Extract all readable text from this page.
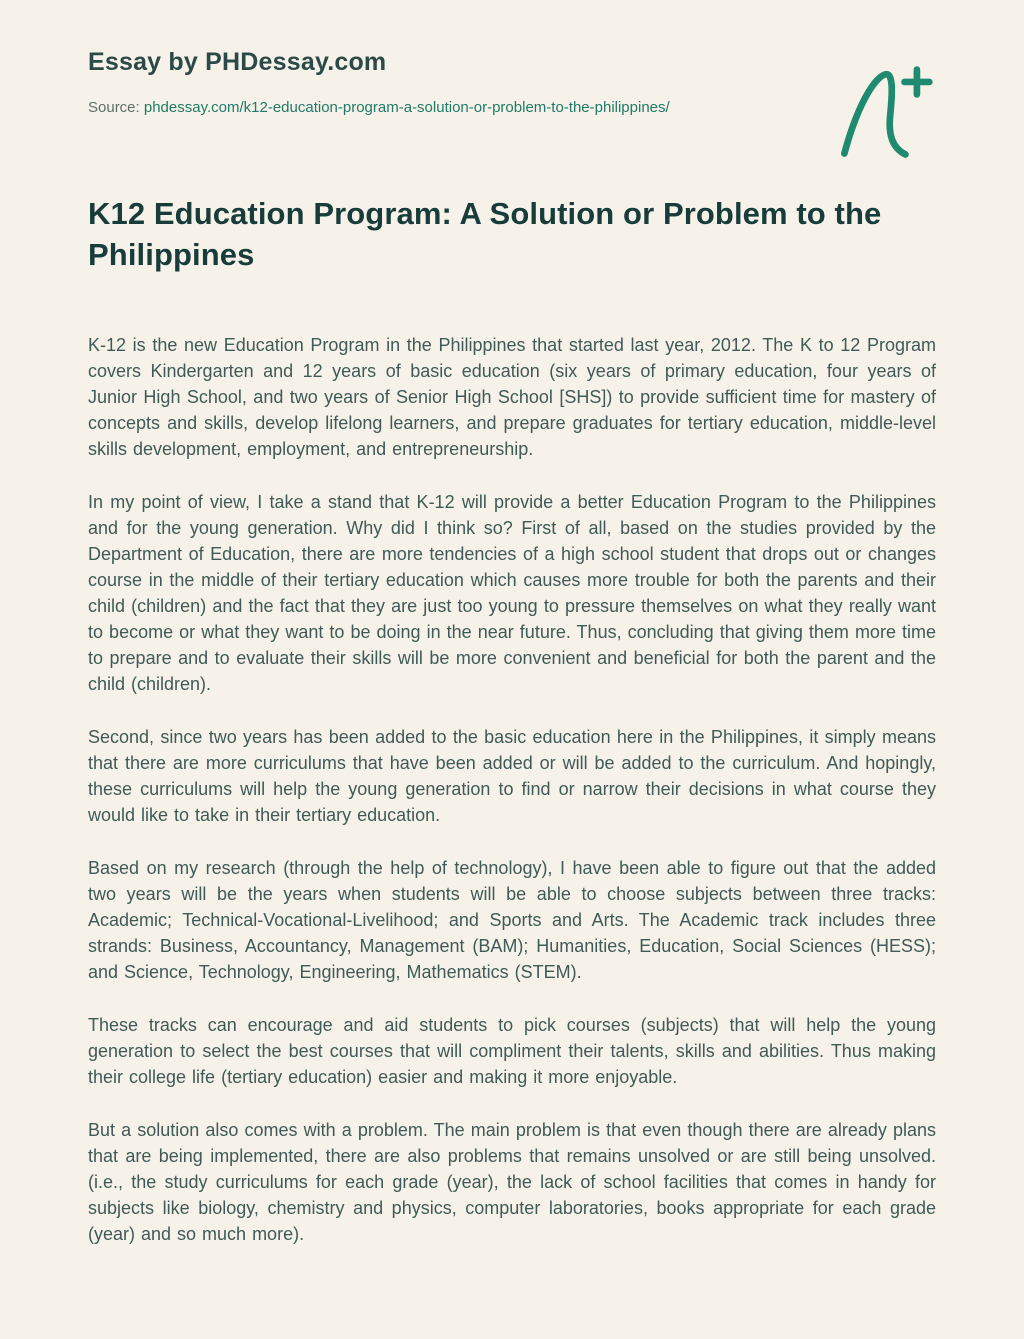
Essay by PHDessay.com

Source: phdessay.com/k12-education-program-a-solution-or-problem-to-the-philippines/

K12 Education Program: A Solution or Problem to the Philippines

K-12 is the new Education Program in the Philippines that started last year, 2012. The K to 12 Program covers Kindergarten and 12 years of basic education (six years of primary education, four years of Junior High School, and two years of Senior High School [SHS]) to provide sufficient time for mastery of concepts and skills, develop lifelong learners, and prepare graduates for tertiary education, middle-level skills development, employment, and entrepreneurship.

In my point of view, I take a stand that K-12 will provide a better Education Program to the Philippines and for the young generation. Why did I think so? First of all, based on the studies provided by the Department of Education, there are more tendencies of a high school student that drops out or changes course in the middle of their tertiary education which causes more trouble for both the parents and their child (children) and the fact that they are just too young to pressure themselves on what they really want to become or what they want to be doing in the near future. Thus, concluding that giving them more time to prepare and to evaluate their skills will be more convenient and beneficial for both the parent and the child (children).

Second, since two years has been added to the basic education here in the Philippines, it simply means that there are more curriculums that have been added or will be added to the curriculum. And hopingly, these curriculums will help the young generation to find or narrow their decisions in what course they would like to take in their tertiary education.

Based on my research (through the help of technology), I have been able to figure out that the added two years will be the years when students will be able to choose subjects between three tracks: Academic; Technical-Vocational-Livelihood; and Sports and Arts. The Academic track includes three strands: Business, Accountancy, Management (BAM); Humanities, Education, Social Sciences (HESS); and Science, Technology, Engineering, Mathematics (STEM).

These tracks can encourage and aid students to pick courses (subjects) that will help the young generation to select the best courses that will compliment their talents, skills and abilities. Thus making their college life (tertiary education) easier and making it more enjoyable.

But a solution also comes with a problem. The main problem is that even though there are already plans that are being implemented, there are also problems that remains unsolved or are still being unsolved. (i.e., the study curriculums for each grade (year), the lack of school facilities that comes in handy for subjects like biology, chemistry and physics, computer laboratories, books appropriate for each grade (year) and so much more).
